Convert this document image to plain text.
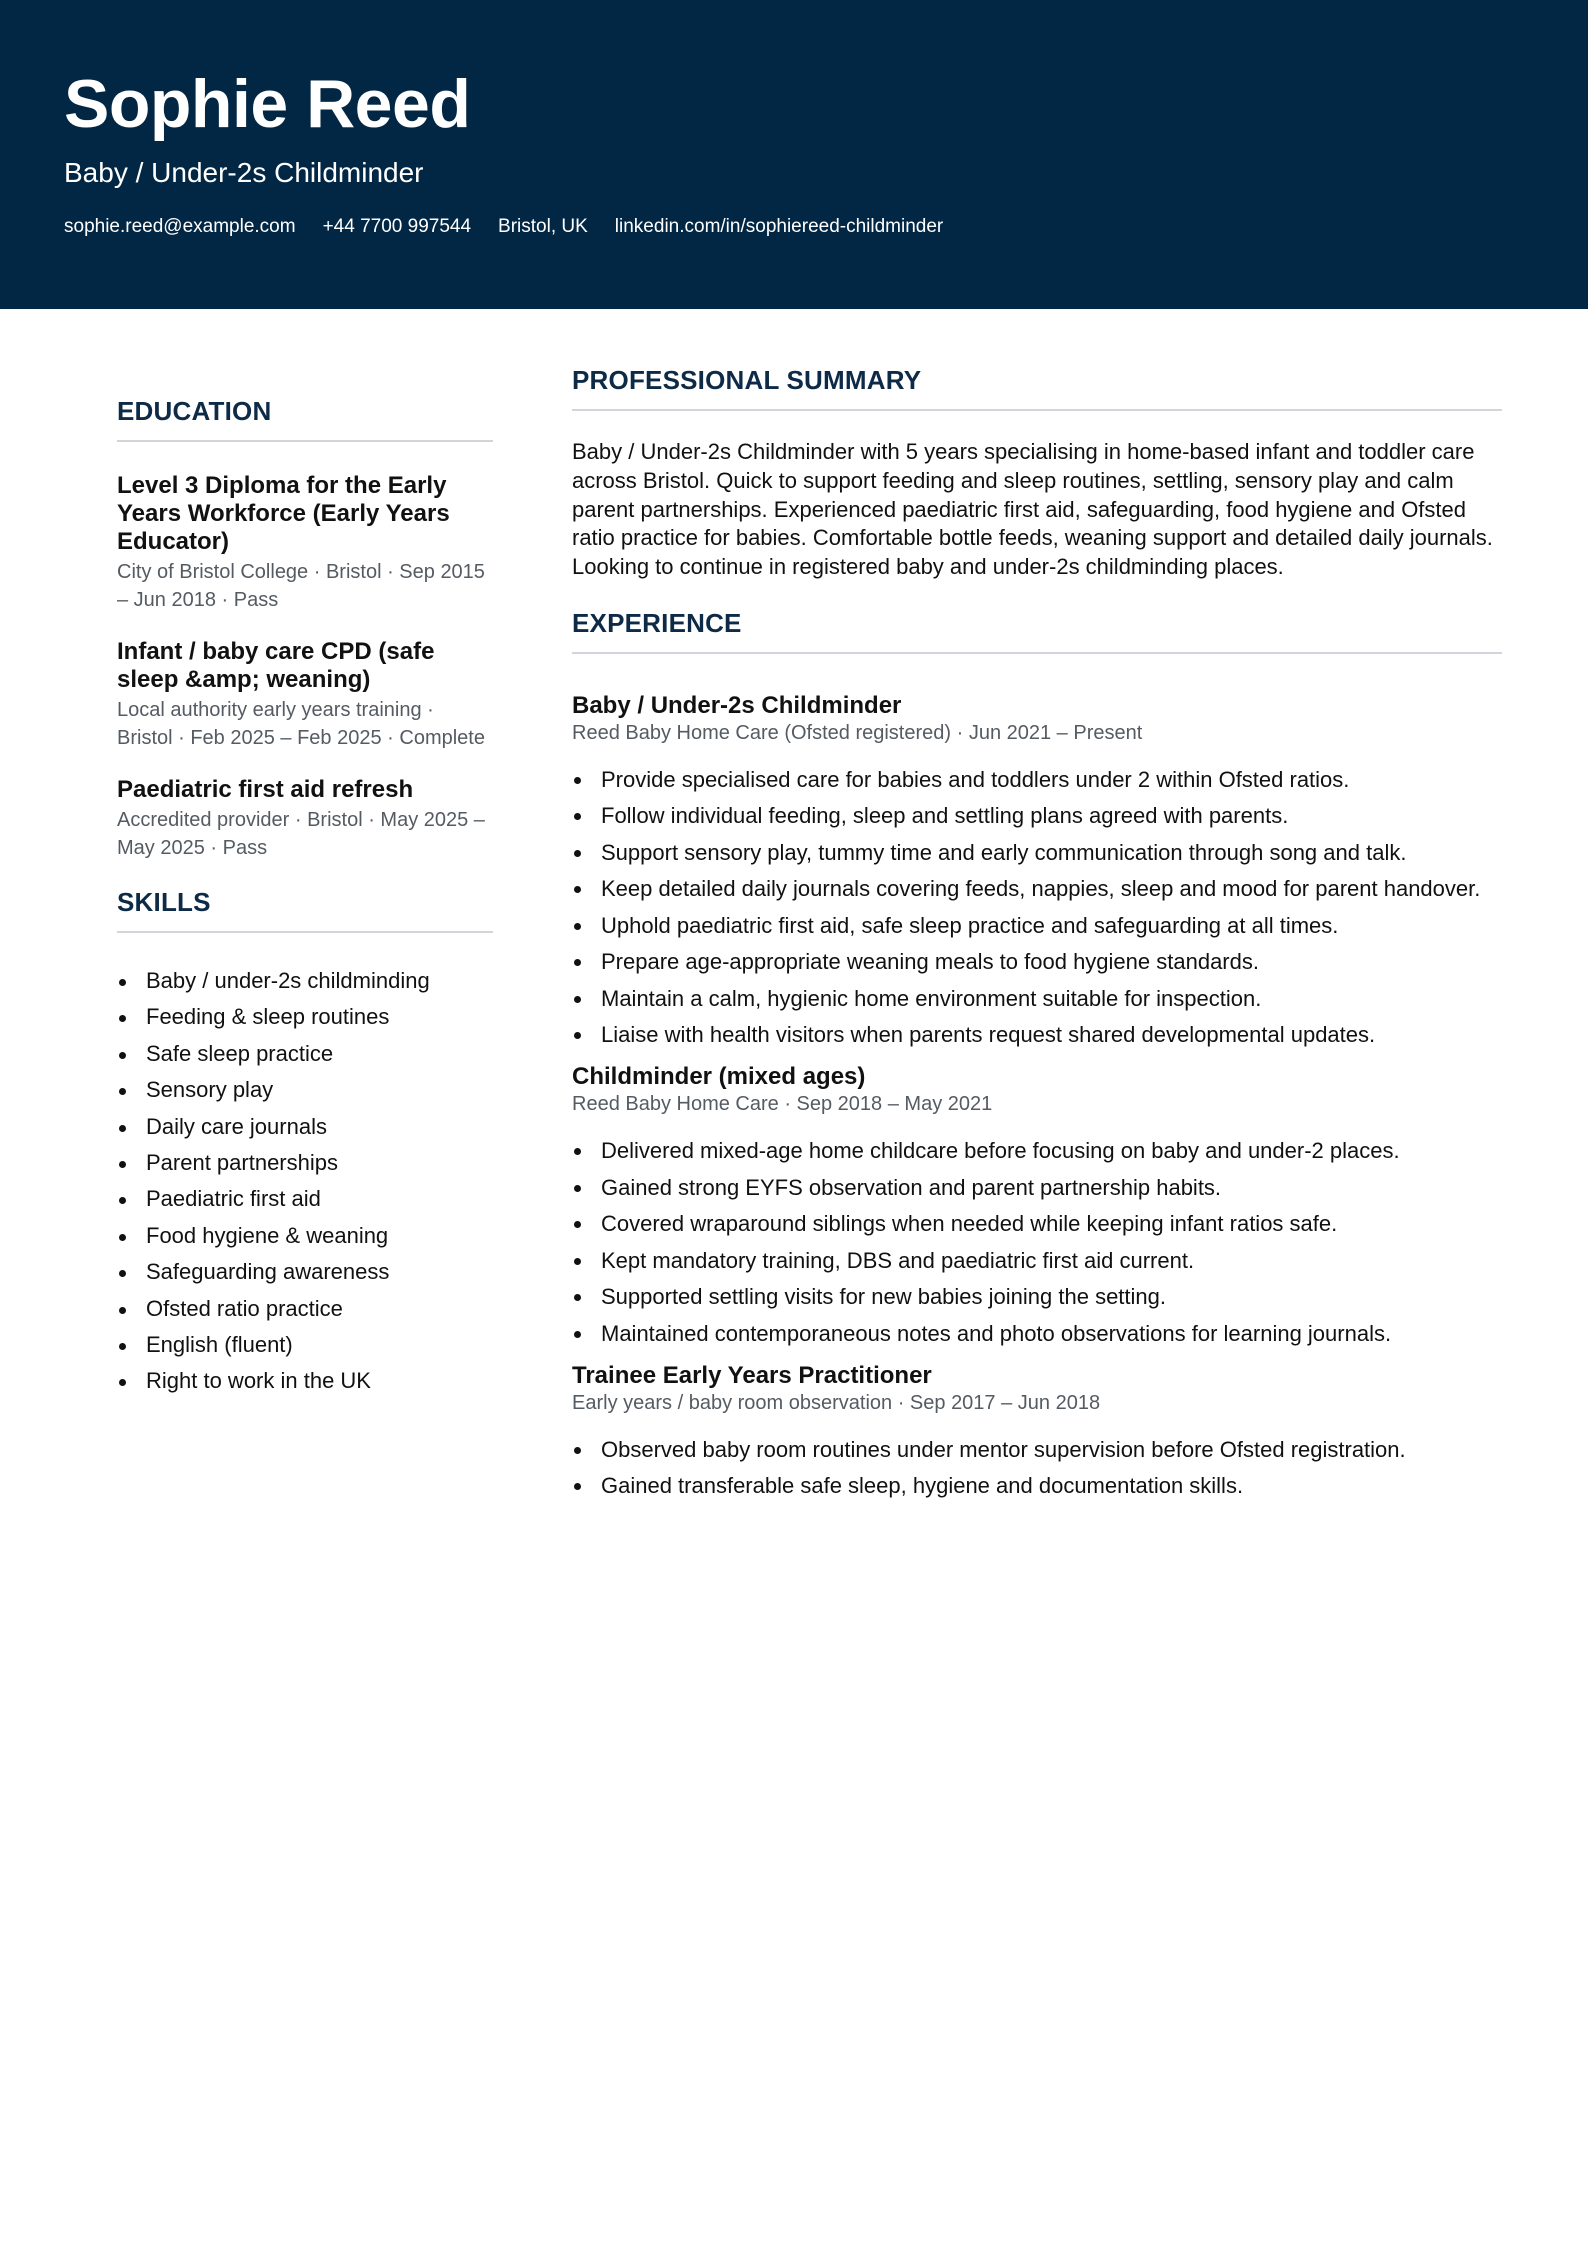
Sophie Reed
Baby / Under-2s Childminder
sophie.reed@example.com +44 7700 997544 Bristol, UK linkedin.com/in/sophiereed-childminder
EDUCATION
Level 3 Diploma for the Early Years Workforce (Early Years Educator)
City of Bristol College · Bristol · Sep 2015 – Jun 2018 · Pass
Infant / baby care CPD (safe sleep &amp; weaning)
Local authority early years training · Bristol · Feb 2025 – Feb 2025 · Complete
Paediatric first aid refresh
Accredited provider · Bristol · May 2025 – May 2025 · Pass
SKILLS
Baby / under-2s childminding
Feeding & sleep routines
Safe sleep practice
Sensory play
Daily care journals
Parent partnerships
Paediatric first aid
Food hygiene & weaning
Safeguarding awareness
Ofsted ratio practice
English (fluent)
Right to work in the UK
PROFESSIONAL SUMMARY

Baby / Under-2s Childminder with 5 years specialising in home-based infant and toddler care across Bristol. Quick to support feeding and sleep routines, settling, sensory play and calm parent partnerships. Experienced paediatric first aid, safeguarding, food hygiene and Ofsted ratio practice for babies. Comfortable bottle feeds, weaning support and detailed daily journals. Looking to continue in registered baby and under-2s childminding places.

EXPERIENCE
Baby / Under-2s Childminder
Reed Baby Home Care (Ofsted registered) · Jun 2021 – Present
Provide specialised care for babies and toddlers under 2 within Ofsted ratios.
Follow individual feeding, sleep and settling plans agreed with parents.
Support sensory play, tummy time and early communication through song and talk.
Keep detailed daily journals covering feeds, nappies, sleep and mood for parent handover.
Uphold paediatric first aid, safe sleep practice and safeguarding at all times.
Prepare age-appropriate weaning meals to food hygiene standards.
Maintain a calm, hygienic home environment suitable for inspection.
Liaise with health visitors when parents request shared developmental updates.
Childminder (mixed ages)
Reed Baby Home Care · Sep 2018 – May 2021
Delivered mixed-age home childcare before focusing on baby and under-2 places.
Gained strong EYFS observation and parent partnership habits.
Covered wraparound siblings when needed while keeping infant ratios safe.
Kept mandatory training, DBS and paediatric first aid current.
Supported settling visits for new babies joining the setting.
Maintained contemporaneous notes and photo observations for learning journals.
Trainee Early Years Practitioner
Early years / baby room observation · Sep 2017 – Jun 2018
Observed baby room routines under mentor supervision before Ofsted registration.
Gained transferable safe sleep, hygiene and documentation skills.
